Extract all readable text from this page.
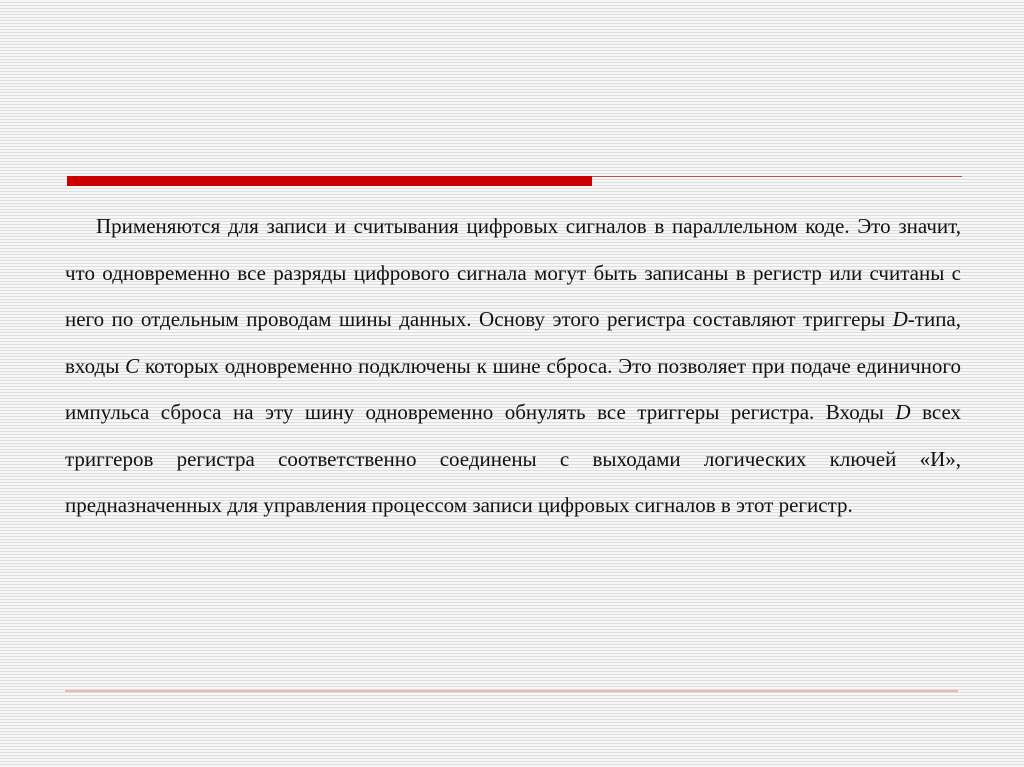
Применяются для записи и считывания цифровых сигналов в параллельном коде. Это значит, что одновременно все разряды цифрового сигнала могут быть записаны в регистр или считаны с него по отдельным проводам шины данных. Основу этого регистра составляют триггеры D-типа, входы C которых одновременно подключены к шине сброса. Это позволяет при подаче единичного импульса сброса на эту шину одновременно обнулять все триггеры регистра. Входы D всех триггеров регистра соответственно соединены с выходами логических ключей «И», предназначенных для управления процессом записи цифровых сигналов в этот регистр.
